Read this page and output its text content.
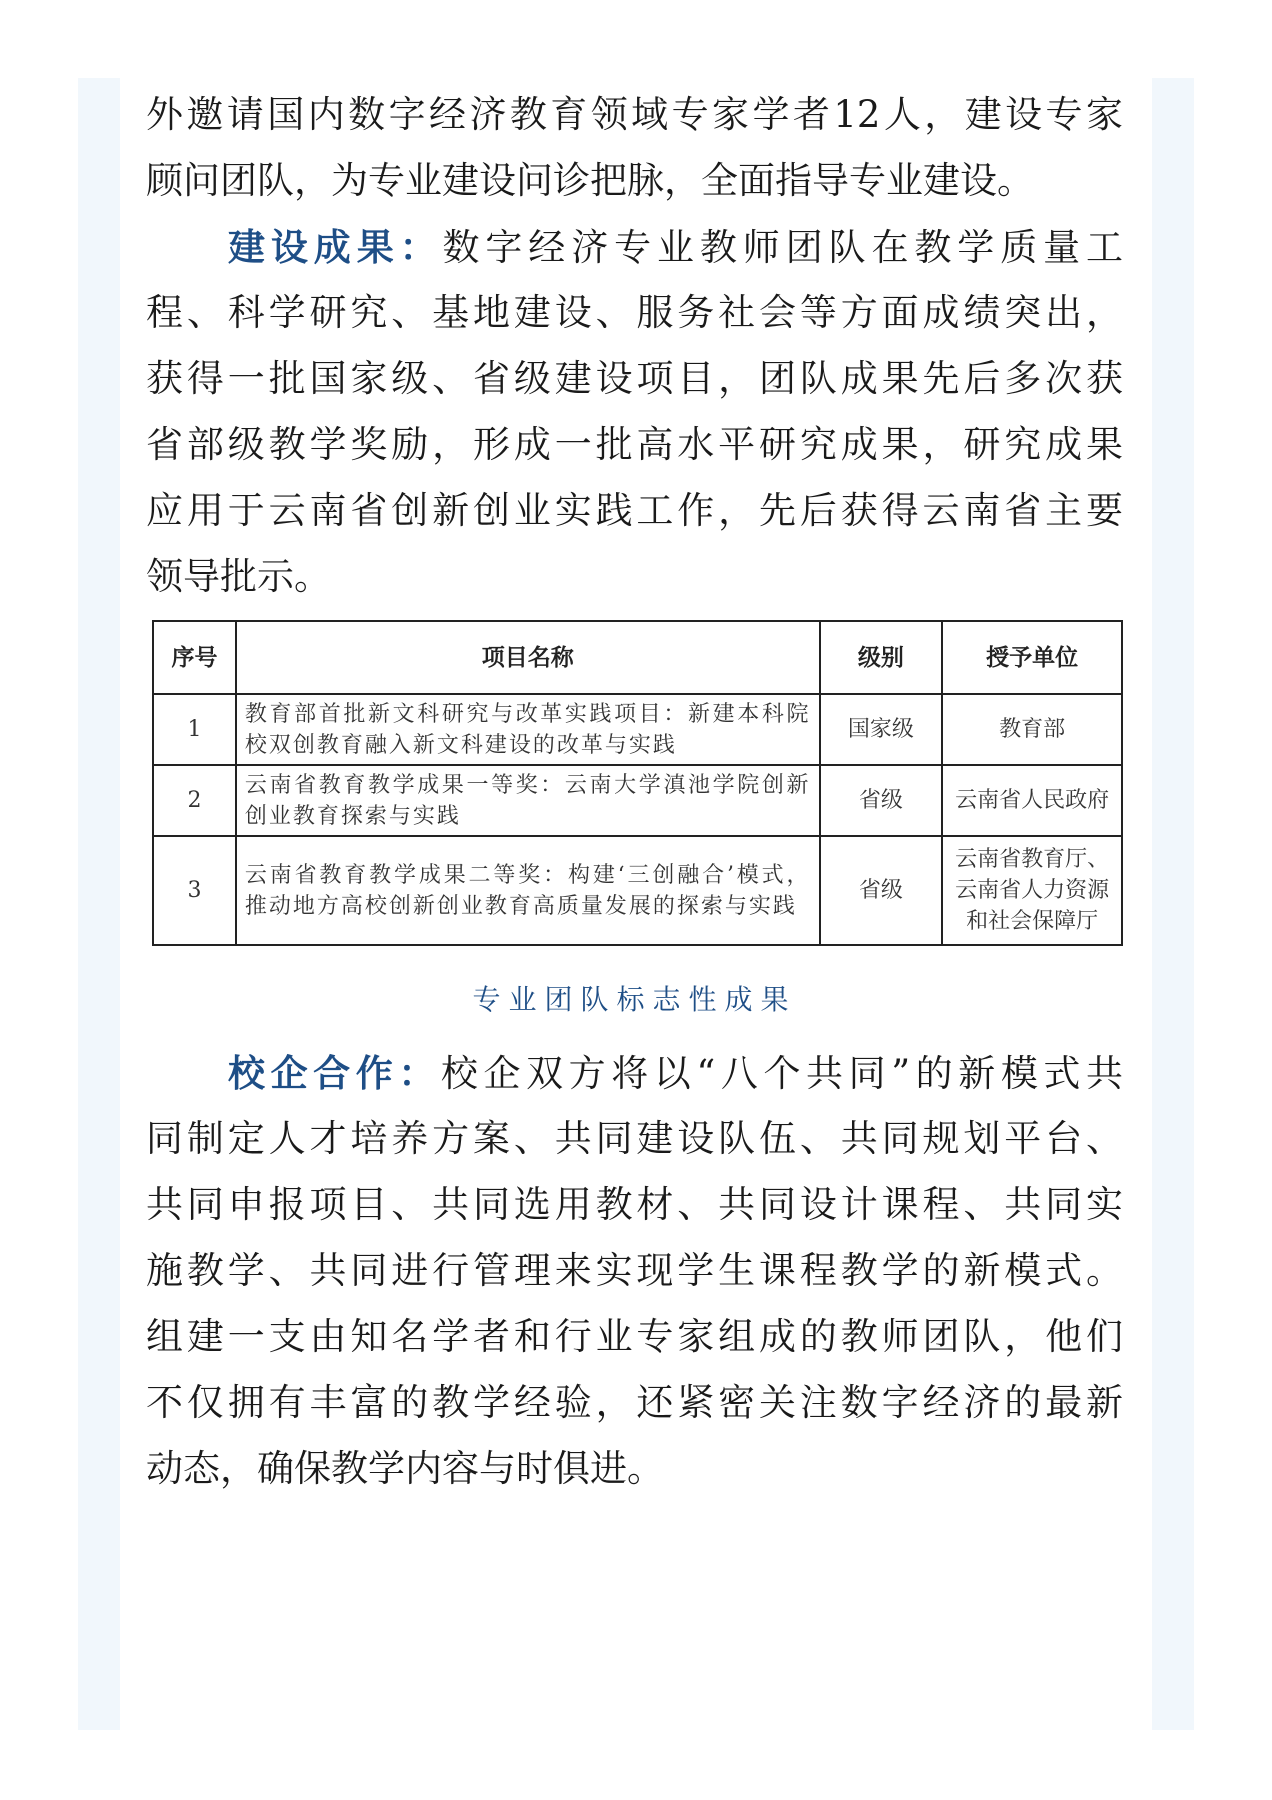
外邀请国内数字经济教育领域专家学者12人，建设专家
顾问团队，为专业建设问诊把脉，全面指导专业建设。
建设成果：数字经济专业教师团队在教学质量工
程、科学研究、基地建设、服务社会等方面成绩突出，
获得一批国家级、省级建设项目，团队成果先后多次获
省部级教学奖励，形成一批高水平研究成果，研究成果
应用于云南省创新创业实践工作，先后获得云南省主要
领导批示。
序号	项目名称	级别	授予单位
1	教育部首批新文科研究与改革实践项目：新建本科院校双创教育融入新文科建设的改革与实践	国家级	教育部
2	云南省教育教学成果一等奖：云南大学滇池学院创新创业教育探索与实践	省级	云南省人民政府
3	云南省教育教学成果二等奖：构建‘三创融合’模式，推动地方高校创新创业教育高质量发展的探索与实践	省级	云南省教育厅、云南省人力资源和社会保障厅
专业团队标志性成果
校企合作：校企双方将以“八个共同”的新模式共
同制定人才培养方案、共同建设队伍、共同规划平台、
共同申报项目、共同选用教材、共同设计课程、共同实
施教学、共同进行管理来实现学生课程教学的新模式。
组建一支由知名学者和行业专家组成的教师团队，他们
不仅拥有丰富的教学经验，还紧密关注数字经济的最新
动态，确保教学内容与时俱进。
